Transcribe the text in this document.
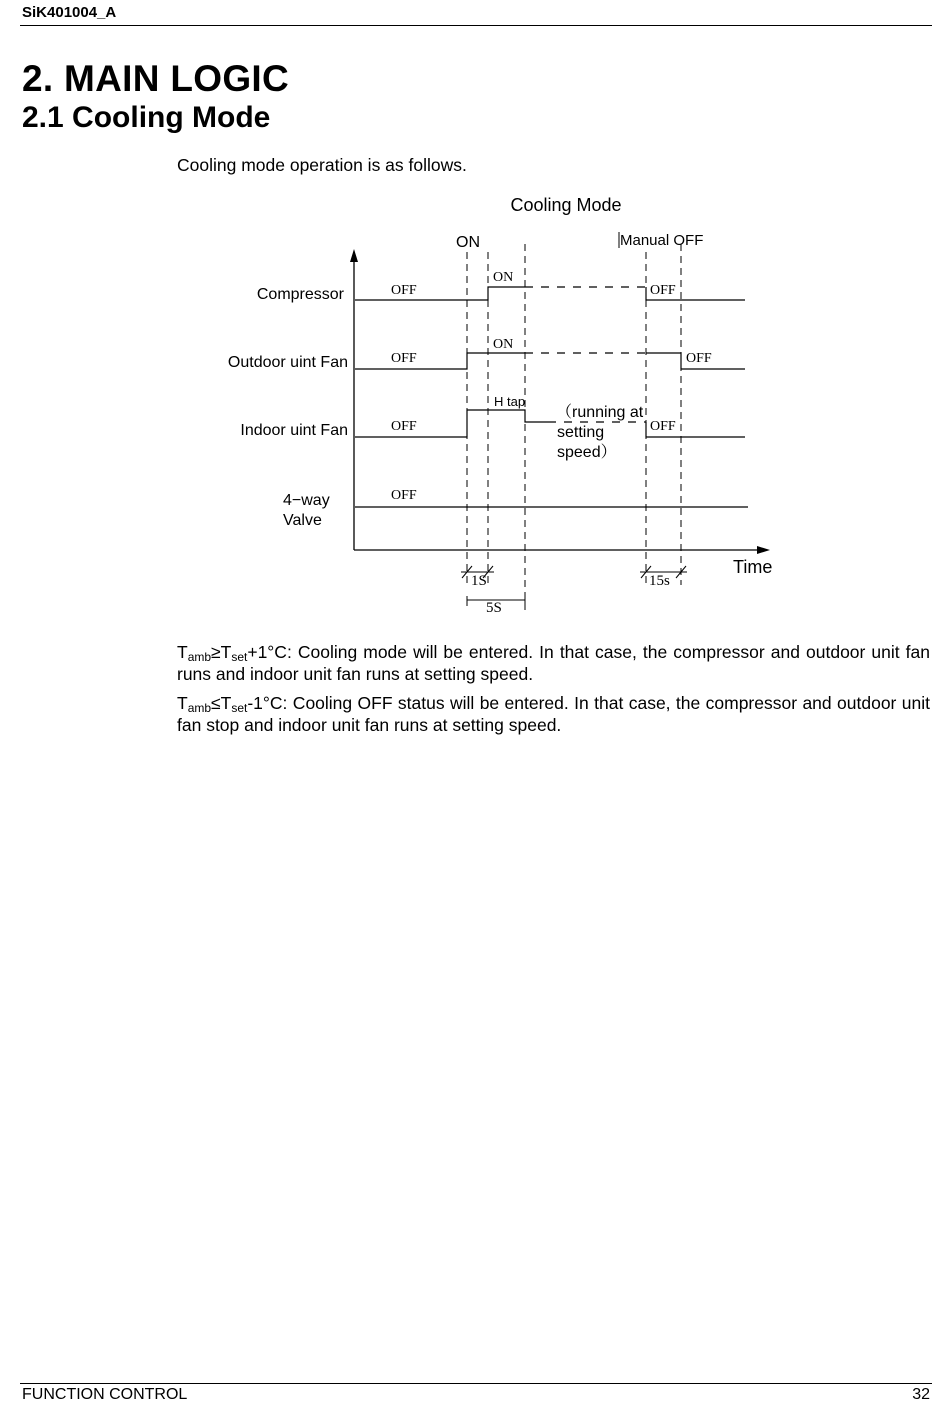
SiK401004_A
2. MAIN LOGIC
2.1 Cooling Mode
Cooling mode operation is as follows.
Cooling Mode
ON	Manual OFF
Time
Compressor
Outdoor uint Fan
Indoor uint Fan
4−way
Valve
OFF
ON
OFF
OFF
ON
OFF
OFF
H tap
OFF
（running at
setting
speed）
OFF
1S
5S
15s
$T_{amb}\ge T_{set}+1^\circ C$: Cooling mode will be entered. In that case, the compressor and outdoor unit fan runs and indoor unit fan runs at setting speed.
$T_{amb}\le T_{set}-1^\circ C$: Cooling OFF status will be entered. In that case, the compressor and outdoor unit fan stop and indoor unit fan runs at setting speed.
FUNCTION CONTROL	32
